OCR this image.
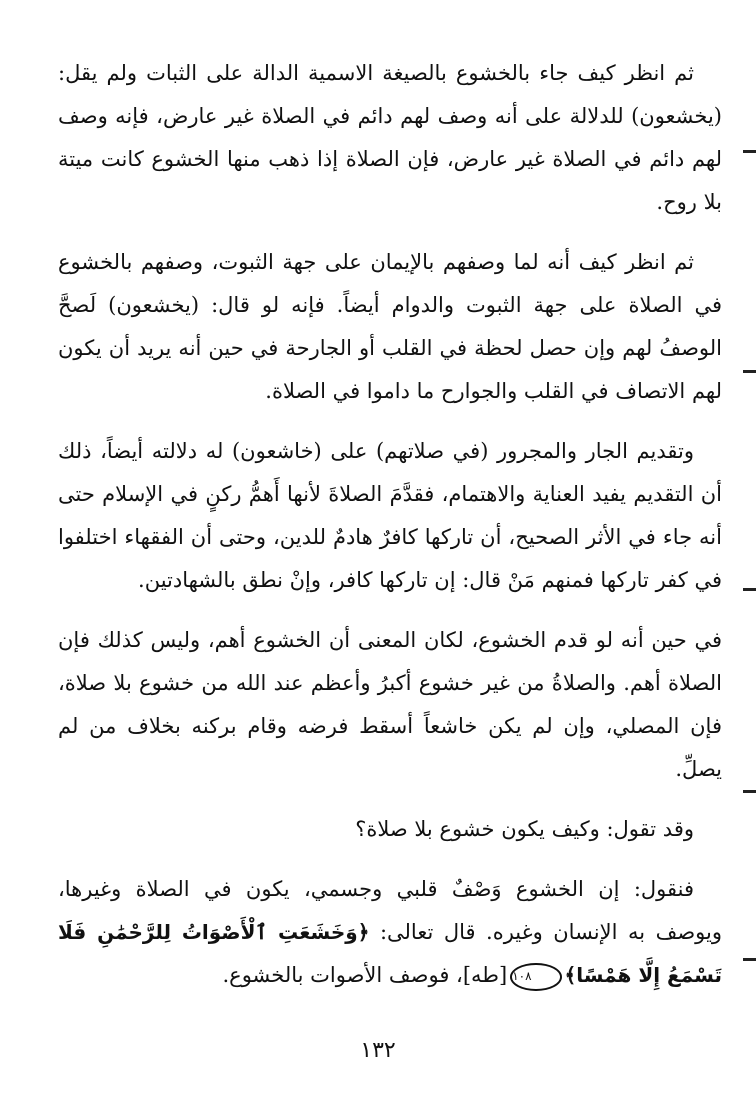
ثم انظر كيف جاء بالخشوع بالصيغة الاسمية الدالة على الثبات ولم يقل: (يخشعون) للدلالة على أنه وصف لهم دائم في الصلاة غير عارض، فإنه وصف لهم دائم في الصلاة غير عارض، فإن الصلاة إذا ذهب منها الخشوع كانت ميتة بلا روح.

ثم انظر كيف أنه لما وصفهم بالإيمان على جهة الثبوت، وصفهم بالخشوع في الصلاة على جهة الثبوت والدوام أيضاً. فإنه لو قال: (يخشعون) لَصحَّ الوصفُ لهم وإن حصل لحظة في القلب أو الجارحة في حين أنه يريد أن يكون لهم الاتصاف في القلب والجوارح ما داموا في الصلاة.

وتقديم الجار والمجرور (في صلاتهم) على (خاشعون) له دلالته أيضاً، ذلك أن التقديم يفيد العناية والاهتمام، فقدَّمَ الصلاةَ لأنها أَهمُّ ركنٍ في الإسلام حتى أنه جاء في الأثر الصحيح، أن تاركها كافرٌ هادمٌ للدين، وحتى أن الفقهاء اختلفوا في كفر تاركها فمنهم مَنْ قال: إن تاركها كافر، وإنْ نطق بالشهادتين.

في حين أنه لو قدم الخشوع، لكان المعنى أن الخشوع أهم، وليس كذلك فإن الصلاة أهم. والصلاةُ من غير خشوع أكبرُ وأعظم عند الله من خشوع بلا صلاة، فإن المصلي، وإن لم يكن خاشعاً أسقط فرضه وقام بركنه بخلاف من لم يصلِّ.

وقد تقول: وكيف يكون خشوع بلا صلاة؟

فنقول: إن الخشوع وَصْفٌ قلبي وجسمي، يكون في الصلاة وغيرها، ويوصف به الإنسان وغيره. قال تعالى: ﴿وَخَشَعَتِ ٱلْأَصْوَاتُ لِلرَّحْمَٰنِ فَلَا تَسْمَعُ إِلَّا هَمْسًا﴾١٠٨[طه]، فوصف الأصوات بالخشوع.

١٣٢
